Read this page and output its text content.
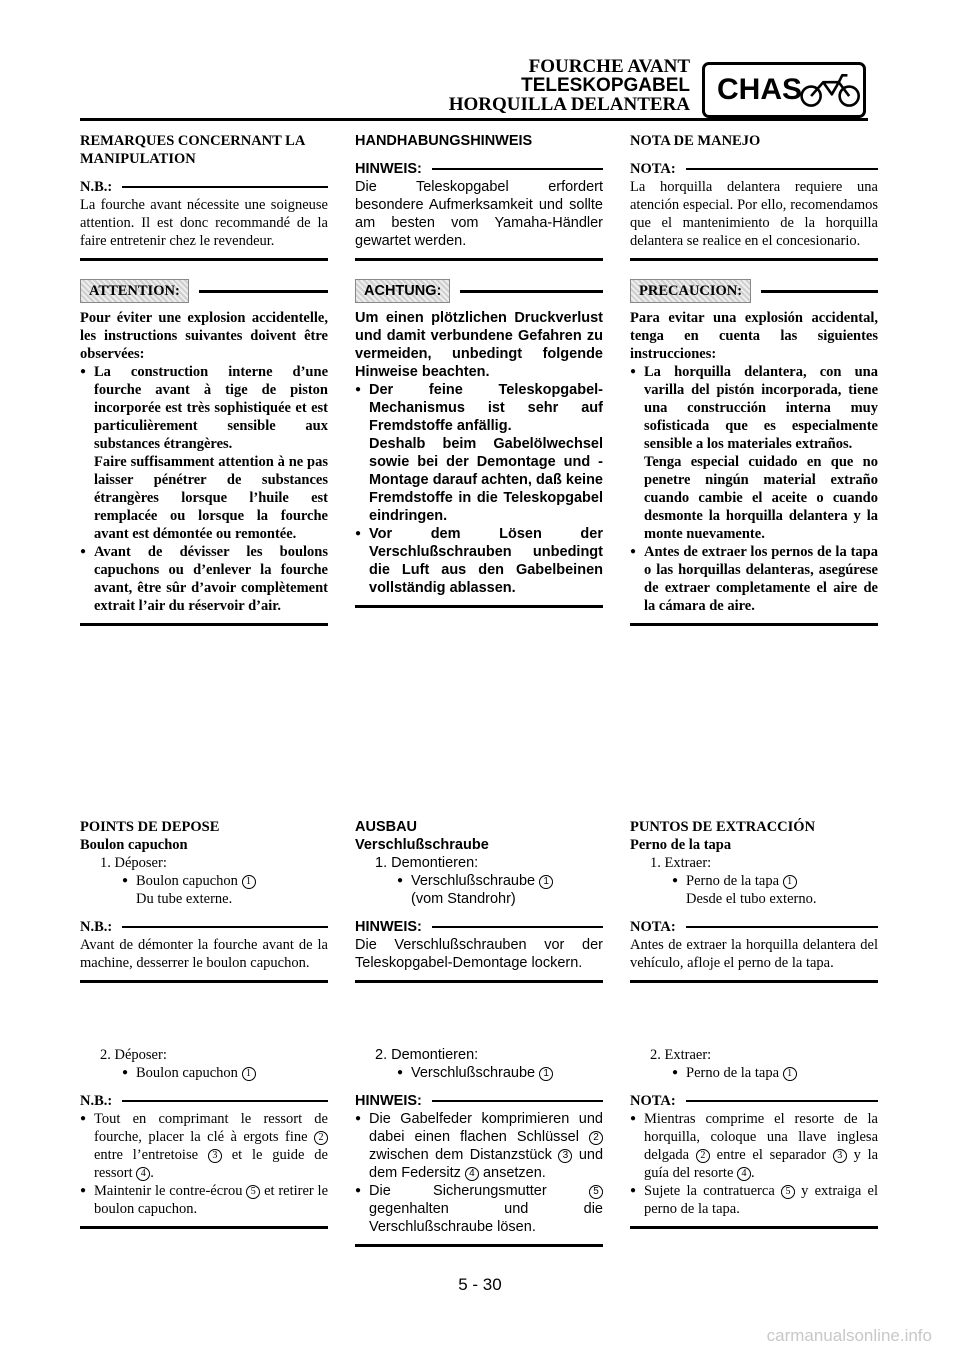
FOURCHE AVANT
TELESKOPGABEL
HORQUILLA DELANTERA CHAS
REMARQUES CONCERNANT LA MANIPULATION
N.B.:

La fourche avant nécessite une soigneuse attention. Il est donc recommandé de la faire entretenir chez le revendeur.

ATTENTION:

Pour éviter une explosion accidentelle, les instructions suivantes doivent être observées:

● La construction interne d’une fourche avant à tige de piston incorporée est très sophistiquée et est particulièrement sensible aux substances étrangères.
Faire suffisamment attention à ne pas laisser pénétrer de substances étrangères lorsque l’huile est remplacée ou lorsque la fourche avant est démontée ou remontée.
● Avant de dévisser les boulons capuchons ou d’enlever la fourche avant, être sûr d’avoir complètement extrait l’air du réservoir d’air.
HANDHABUNGSHINWEIS
HINWEIS:

Die Teleskopgabel erfordert besondere Aufmerksamkeit und sollte am besten vom Yamaha-Händler gewartet werden.

ACHTUNG:

Um einen plötzlichen Druckverlust und damit verbundene Gefahren zu vermeiden, unbedingt folgende Hinweise beachten.

● Der feine Teleskopgabel-Mechanismus ist sehr auf Fremdstoffe anfällig.
Deshalb beim Gabelölwechsel sowie bei der Demontage und -Montage darauf achten, daß keine Fremdstoffe in die Teleskopgabel eindringen.
● Vor dem Lösen der Verschlußschrauben unbedingt die Luft aus den Gabelbeinen vollständig ablassen.
NOTA DE MANEJO
NOTA:

La horquilla delantera requiere una atención especial. Por ello, recomendamos que el mantenimiento de la horquilla delantera se realice en el concesionario.

PRECAUCION:

Para evitar una explosión accidental, tenga en cuenta las siguientes instrucciones:

● La horquilla delantera, con una varilla del pistón incorporada, tiene una construcción interna muy sofisticada que es especialmente sensible a los materiales extraños.
Tenga especial cuidado en que no penetre ningún material extraño cuando cambie el aceite o cuando desmonte la horquilla delantera y la monte nuevamente.
● Antes de extraer los pernos de la tapa o las horquillas delanteras, asegúrese de extraer completamente el aire de la cámara de aire.
POINTS DE DEPOSE
Boulon capuchon
1. Déposer:
● Boulon capuchon 1
Du tube externe.
N.B.:

Avant de démonter la fourche avant de la machine, desserrer le boulon capuchon.

AUSBAU
Verschlußschraube
1. Demontieren:
● Verschlußschraube 1
(vom Standrohr)
HINWEIS:

Die Verschlußschrauben vor der Teleskopgabel-Demontage lockern.

PUNTOS DE EXTRACCIÓN
Perno de la tapa
1. Extraer:
● Perno de la tapa 1
Desde el tubo externo.
NOTA:

Antes de extraer la horquilla delantera del vehículo, afloje el perno de la tapa.

2. Déposer:
● Boulon capuchon 1
N.B.:
● Tout en comprimant le ressort de fourche, placer la clé à ergots fine 2 entre l’entretoise 3 et le guide de ressort 4 .
● Maintenir le contre-écrou 5 et retirer le boulon capuchon.
2. Demontieren:
● Verschlußschraube 1
HINWEIS:
● Die Gabelfeder komprimieren und dabei einen flachen Schlüssel 2 zwischen dem Distanzstück 3 und dem Federsitz 4 ansetzen.
● Die Sicherungsmutter	5 gegenhalten und die Verschlußschraube lösen.
2. Extraer:
● Perno de la tapa 1
NOTA:
● Mientras comprime el resorte de la horquilla, coloque una llave inglesa delgada 2 entre el separador 3 y la guía del resorte 4 .
● Sujete la contratuerca 5 y extraiga el perno de la tapa.
5 - 30
carmanualsonline.info
